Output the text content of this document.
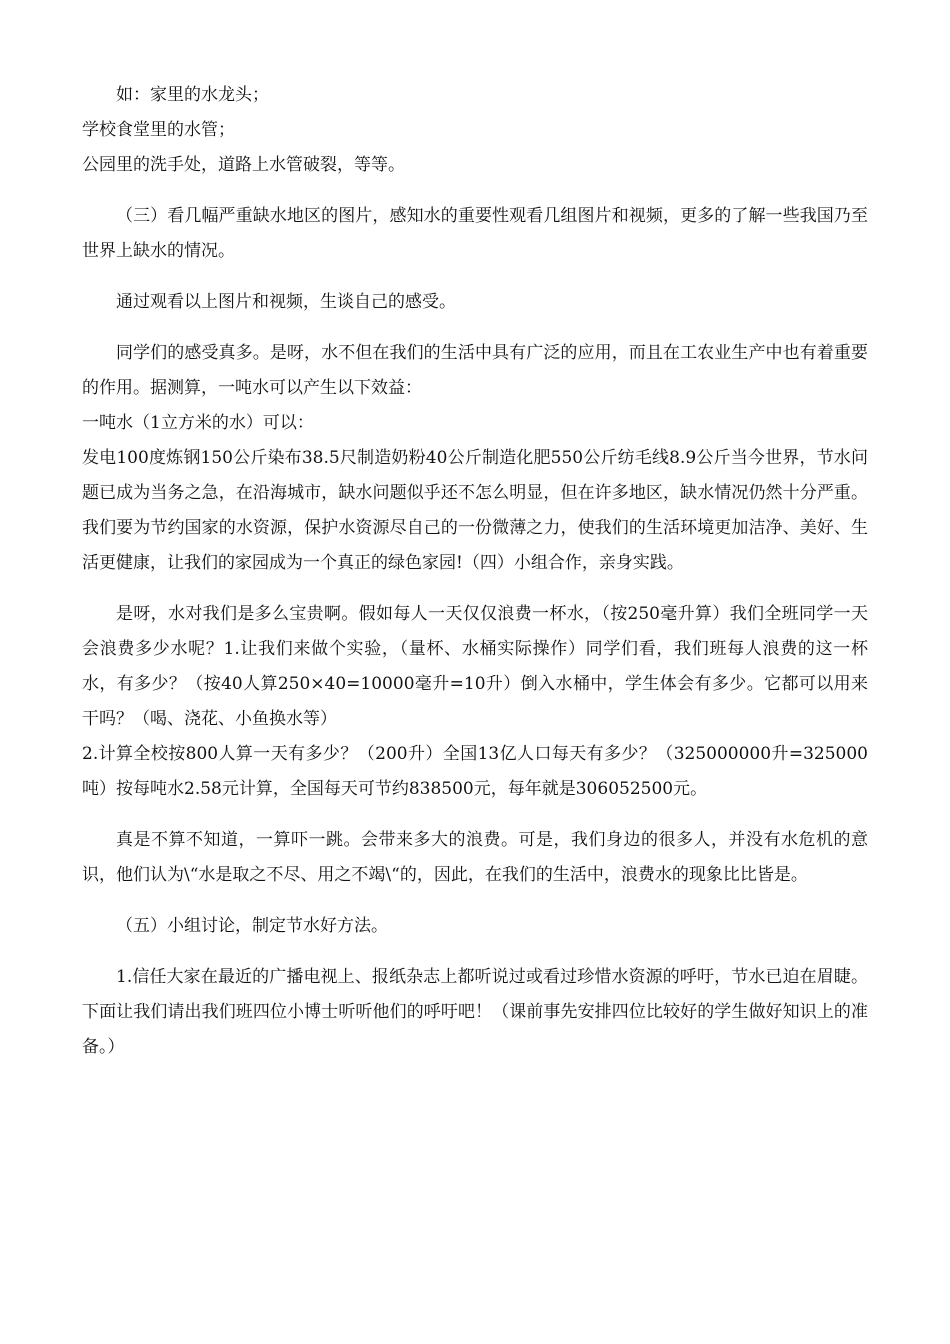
如：家里的水龙头；

学校食堂里的水管；

公园里的洗手处，道路上水管破裂，等等。

（三）看几幅严重缺水地区的图片，感知水的重要性观看几组图片和视频，更多的了解一些我国乃至世界上缺水的情况。

通过观看以上图片和视频，生谈自己的感受。

同学们的感受真多。是呀，水不但在我们的生活中具有广泛的应用，而且在工农业生产中也有着重要的作用。据测算，一吨水可以产生以下效益：

一吨水（1立方米的水）可以：

发电100度炼钢150公斤染布38.5尺制造奶粉40公斤制造化肥550公斤纺毛线8.9公斤当今世界，节水问题已成为当务之急，在沿海城市，缺水问题似乎还不怎么明显，但在许多地区，缺水情况仍然十分严重。我们要为节约国家的水资源，保护水资源尽自己的一份微薄之力，使我们的生活环境更加洁净、美好、生活更健康，让我们的家园成为一个真正的绿色家园!（四）小组合作，亲身实践。

是呀，水对我们是多么宝贵啊。假如每人一天仅仅浪费一杯水，（按250毫升算）我们全班同学一天会浪费多少水呢？1.让我们来做个实验，（量杯、水桶实际操作）同学们看，我们班每人浪费的这一杯水，有多少？（按40人算250×40=10000毫升=10升）倒入水桶中，学生体会有多少。它都可以用来干吗？（喝、浇花、小鱼换水等）

2.计算全校按800人算一天有多少？（200升）全国13亿人口每天有多少？（325000000升=325000吨）按每吨水2.58元计算，全国每天可节约838500元，每年就是306052500元。

真是不算不知道，一算吓一跳。会带来多大的浪费。可是，我们身边的很多人，并没有水危机的意识，他们认为\“水是取之不尽、用之不竭\“的，因此，在我们的生活中，浪费水的现象比比皆是。

（五）小组讨论，制定节水好方法。

1.信任大家在最近的广播电视上、报纸杂志上都听说过或看过珍惜水资源的呼吁，节水已迫在眉睫。下面让我们请出我们班四位小博士听听他们的呼吁吧！（课前事先安排四位比较好的学生做好知识上的准备。）
